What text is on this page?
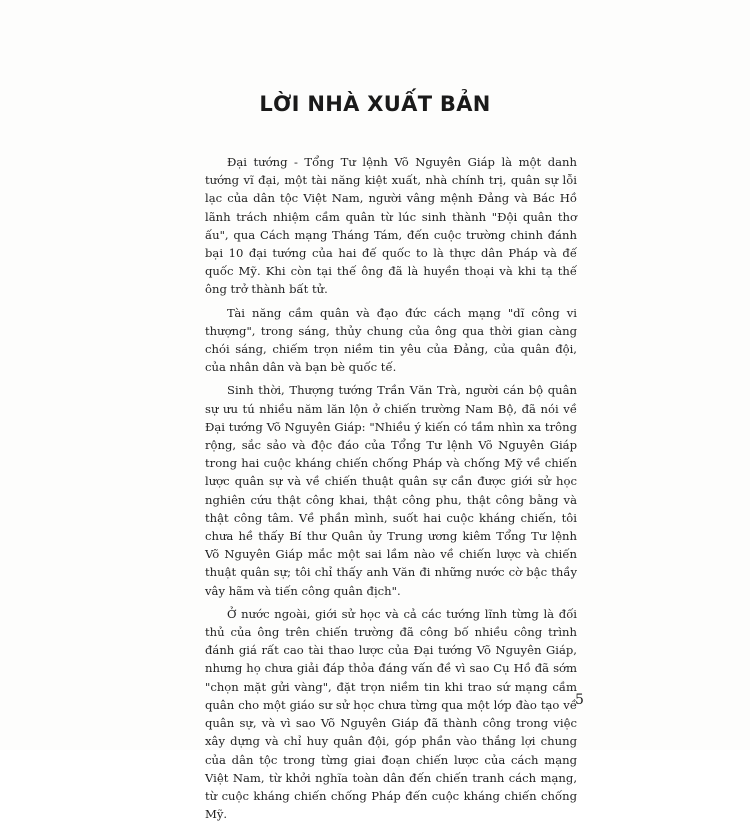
LỜI NHÀ XUẤT BẢN

Đại tướng - Tổng Tư lệnh Võ Nguyên Giáp là một danh tướng vĩ đại, một tài năng kiệt xuất, nhà chính trị, quân sự lỗi lạc của dân tộc Việt Nam, người vâng mệnh Đảng và Bác Hồ lãnh trách nhiệm cầm quân từ lúc sinh thành "Đội quân thơ ấu", qua Cách mạng Tháng Tám, đến cuộc trường chinh đánh bại 10 đại tướng của hai đế quốc to là thực dân Pháp và đế quốc Mỹ. Khi còn tại thế ông đã là huyền thoại và khi tạ thế ông trở thành bất tử.

Tài năng cầm quân và đạo đức cách mạng "dĩ công vi thượng", trong sáng, thủy chung của ông qua thời gian càng chói sáng, chiếm trọn niềm tin yêu của Đảng, của quân đội, của nhân dân và bạn bè quốc tế.

Sinh thời, Thượng tướng Trần Văn Trà, người cán bộ quân sự ưu tú nhiều năm lăn lộn ở chiến trường Nam Bộ, đã nói về Đại tướng Võ Nguyên Giáp: "Nhiều ý kiến có tầm nhìn xa trông rộng, sắc sảo và độc đáo của Tổng Tư lệnh Võ Nguyên Giáp trong hai cuộc kháng chiến chống Pháp và chống Mỹ về chiến lược quân sự và về chiến thuật quân sự cần được giới sử học nghiên cứu thật công khai, thật công phu, thật công bằng và thật công tâm. Về phần mình, suốt hai cuộc kháng chiến, tôi chưa hề thấy Bí thư Quân ủy Trung ương kiêm Tổng Tư lệnh Võ Nguyên Giáp mắc một sai lầm nào về chiến lược và chiến thuật quân sự; tôi chỉ thấy anh Văn đi những nước cờ bậc thầy vây hãm và tiến công quân địch".

Ở nước ngoài, giới sử học và cả các tướng lĩnh từng là đối thủ của ông trên chiến trường đã công bố nhiều công trình đánh giá rất cao tài thao lược của Đại tướng Võ Nguyên Giáp, nhưng họ chưa giải đáp thỏa đáng vấn đề vì sao Cụ Hồ đã sớm "chọn mặt gửi vàng", đặt trọn niềm tin khi trao sứ mạng cầm quân cho một giáo sư sử học chưa từng qua một lớp đào tạo về quân sự, và vì sao Võ Nguyên Giáp đã thành công trong việc xây dựng và chỉ huy quân đội, góp phần vào thắng lợi chung của dân tộc trong từng giai đoạn chiến lược của cách mạng Việt Nam, từ khởi nghĩa toàn dân đến chiến tranh cách mạng, từ cuộc kháng chiến chống Pháp đến cuộc kháng chiến chống Mỹ.

5
